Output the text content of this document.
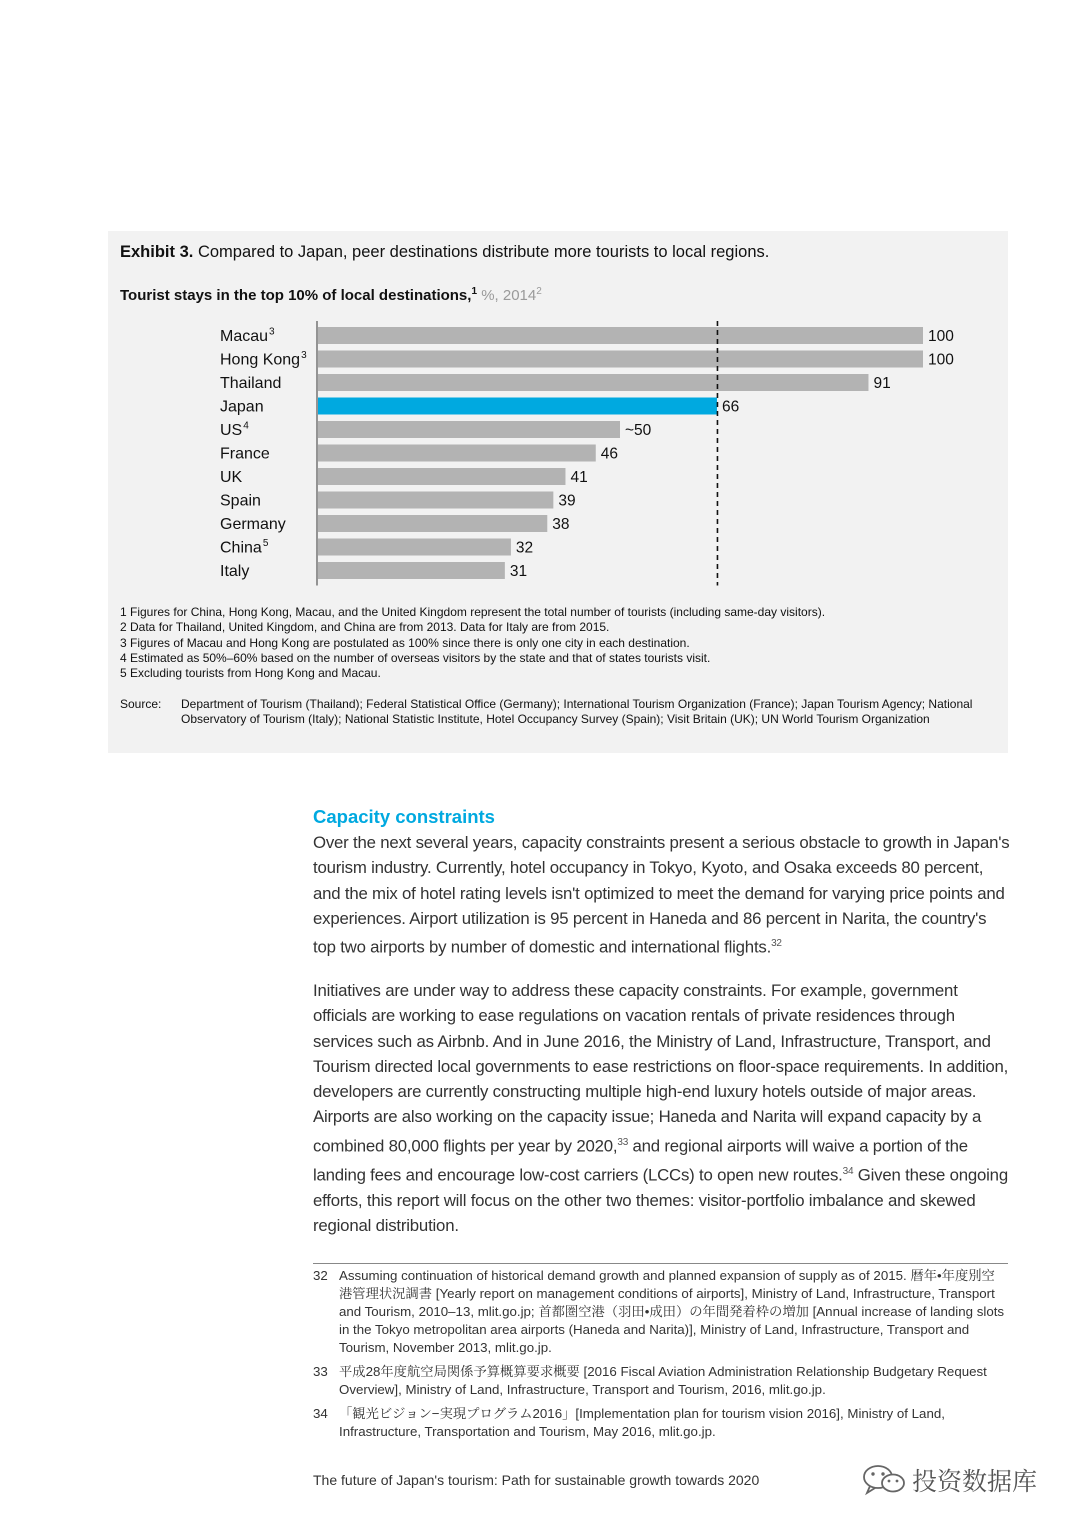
Exhibit 3. Compared to Japan, peer destinations distribute more tourists to local regions.
Tourist stays in the top 10% of local destinations,$^1$ %, 2014$^2$
Macau 3	100
Hong Kong 3	100
Thailand	91
Japan	66
US 4	~50
France	46
UK	41
Spain	39
Germany	38
China 5	32
Italy	31
1 Figures for China, Hong Kong, Macau, and the United Kingdom represent the total number of tourists (including same-day visitors).
2 Data for Thailand, United Kingdom, and China are from 2013. Data for Italy are from 2015.
3 Figures of Macau and Hong Kong are postulated as 100% since there is only one city in each destination.
4 Estimated as 50%–60% based on the number of overseas visitors by the state and that of states tourists visit.
5 Excluding tourists from Hong Kong and Macau.
Source: Department of Tourism (Thailand); Federal Statistical Office (Germany); International Tourism Organization (France); Japan Tourism Agency; National Observatory of Tourism (Italy); National Statistic Institute, Hotel Occupancy Survey (Spain); Visit Britain (UK); UN World Tourism Organization
Capacity constraints
Over the next several years, capacity constraints present a serious obstacle to growth in Japan's tourism industry. Currently, hotel occupancy in Tokyo, Kyoto, and Osaka exceeds 80 percent, and the mix of hotel rating levels isn't optimized to meet the demand for varying price points and experiences. Airport utilization is 95 percent in Haneda and 86 percent in Narita, the country's top two airports by number of domestic and international flights.$^{32}$
Initiatives are under way to address these capacity constraints. For example, government officials are working to ease regulations on vacation rentals of private residences through services such as Airbnb. And in June 2016, the Ministry of Land, Infrastructure, Transport, and Tourism directed local governments to ease restrictions on floor-space requirements. In addition, developers are currently constructing multiple high-end luxury hotels outside of major areas. Airports are also working on the capacity issue; Haneda and Narita will expand capacity by a combined 80,000 flights per year by 2020,33 and regional airports will waive a portion of the landing fees and encourage low-cost carriers (LCCs) to open new routes.$^{34}$ Given these ongoing efforts, this report will focus on the other two themes: visitor-portfolio imbalance and skewed regional distribution.
32 Assuming continuation of historical demand growth and planned expansion of supply as of 2015. 暦年•年度別空港管理状況調書 [Yearly report on management conditions of airports], Ministry of Land, Infrastructure, Transport and Tourism, 2010–13, mlit.go.jp; 首都圏空港（羽田•成田）の年間発着枠の増加 [Annual increase of landing slots in the Tokyo metropolitan area airports (Haneda and Narita)], Ministry of Land, Infrastructure, Transport and Tourism, November 2013, mlit.go.jp.
33 平成28年度航空局関係予算概算要求概要 [2016 Fiscal Aviation Administration Relationship Budgetary Request Overview], Ministry of Land, Infrastructure, Transport and Tourism, 2016, mlit.go.jp.
34 「観光ビジョン−実現プログラム2016」[Implementation plan for tourism vision 2016], Ministry of Land, Infrastructure, Transportation and Tourism, May 2016, mlit.go.jp.
The future of Japan's tourism: Path for sustainable growth towards 2020	投资数据库
